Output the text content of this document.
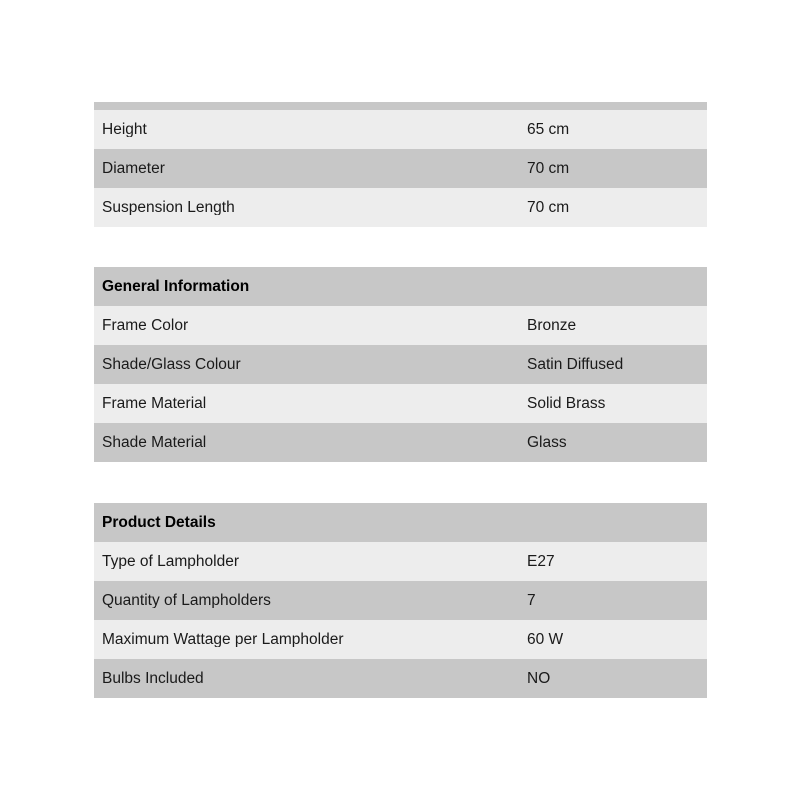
Height	65 cm
Diameter	70 cm
Suspension Length	70 cm
General Information
Frame Color	Bronze
Shade/Glass Colour	Satin Diffused
Frame Material	Solid Brass
Shade Material	Glass
Product Details
Type of Lampholder	E27
Quantity of Lampholders	7
Maximum Wattage per Lampholder	60 W
Bulbs Included	NO
